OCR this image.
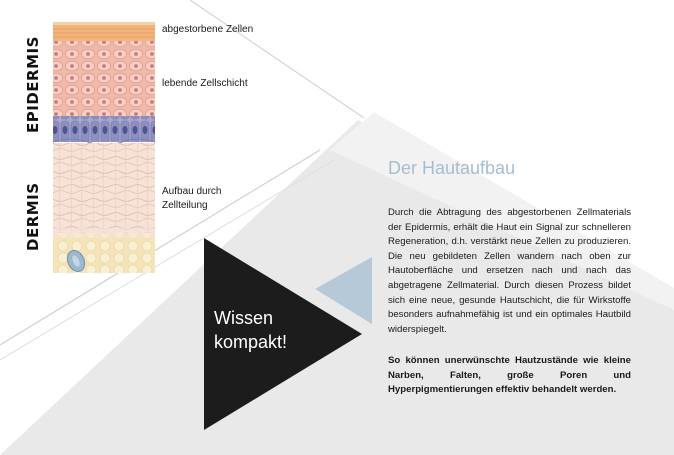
EPIDERMIS
DERMIS
abgestorbene Zellen
lebende Zellschicht
Aufbau durch
Zellteilung
Wissen
kompakt!
Der Hautaufbau
Durch die Abtragung des abgestorbenen Zellmaterials der Epidermis, erhält die Haut ein Signal zur schnelleren Regeneration, d.h. verstärkt neue Zellen zu produzieren. Die neu gebildeten Zellen wandern nach oben zur Hautoberfläche und ersetzen nach und nach das abgetragene Zellmaterial. Durch diesen Prozess bildet sich eine neue, gesunde Hautschicht, die für Wirkstoffe besonders aufnahmefähig ist und ein optimales Hautbild widerspiegelt.
So können unerwünschte Hautzustände wie kleine Narben, Falten, große Poren und Hyperpigmentierungen effektiv behandelt werden.
